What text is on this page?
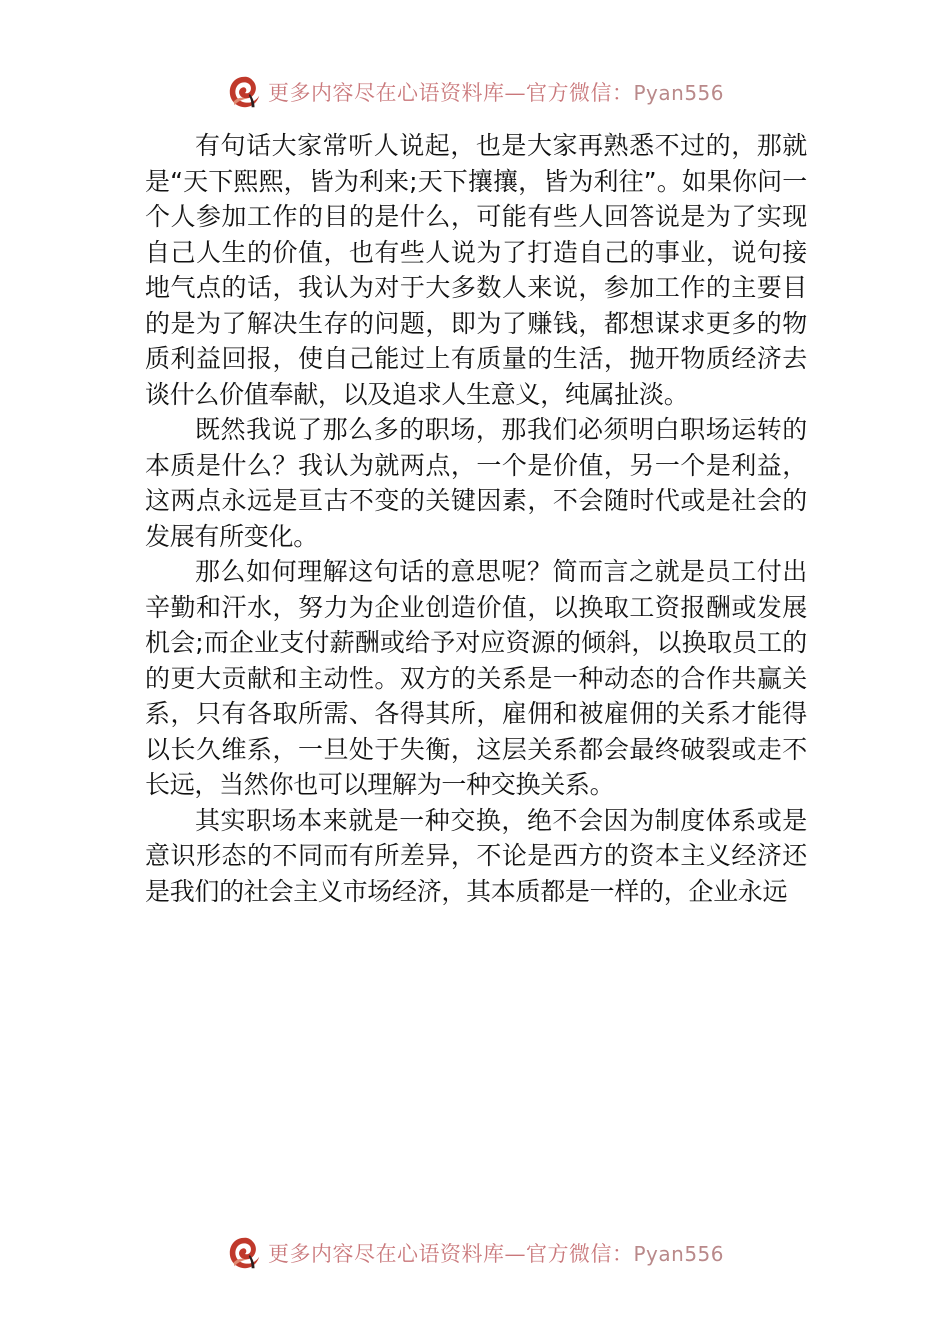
更多内容尽在心语资料库—官方微信：Pyan556

有句话大家常听人说起，也是大家再熟悉不过的，那就是“天下熙熙，皆为利来;天下攘攘，皆为利往”。如果你问一个人参加工作的目的是什么，可能有些人回答说是为了实现自己人生的价值，也有些人说为了打造自己的事业，说句接地气点的话，我认为对于大多数人来说，参加工作的主要目的是为了解决生存的问题，即为了赚钱，都想谋求更多的物质利益回报，使自己能过上有质量的生活，抛开物质经济去谈什么价值奉献，以及追求人生意义，纯属扯淡。

既然我说了那么多的职场，那我们必须明白职场运转的本质是什么？我认为就两点，一个是价值，另一个是利益，这两点永远是亘古不变的关键因素，不会随时代或是社会的发展有所变化。

那么如何理解这句话的意思呢？简而言之就是员工付出辛勤和汗水，努力为企业创造价值，以换取工资报酬或发展机会;而企业支付薪酬或给予对应资源的倾斜，以换取员工的的更大贡献和主动性。双方的关系是一种动态的合作共赢关系，只有各取所需、各得其所，雇佣和被雇佣的关系才能得以长久维系，一旦处于失衡，这层关系都会最终破裂或走不长远，当然你也可以理解为一种交换关系。

其实职场本来就是一种交换，绝不会因为制度体系或是意识形态的不同而有所差异，不论是西方的资本主义经济还是我们的社会主义市场经济，其本质都是一样的，企业永远

更多内容尽在心语资料库—官方微信：Pyan556
